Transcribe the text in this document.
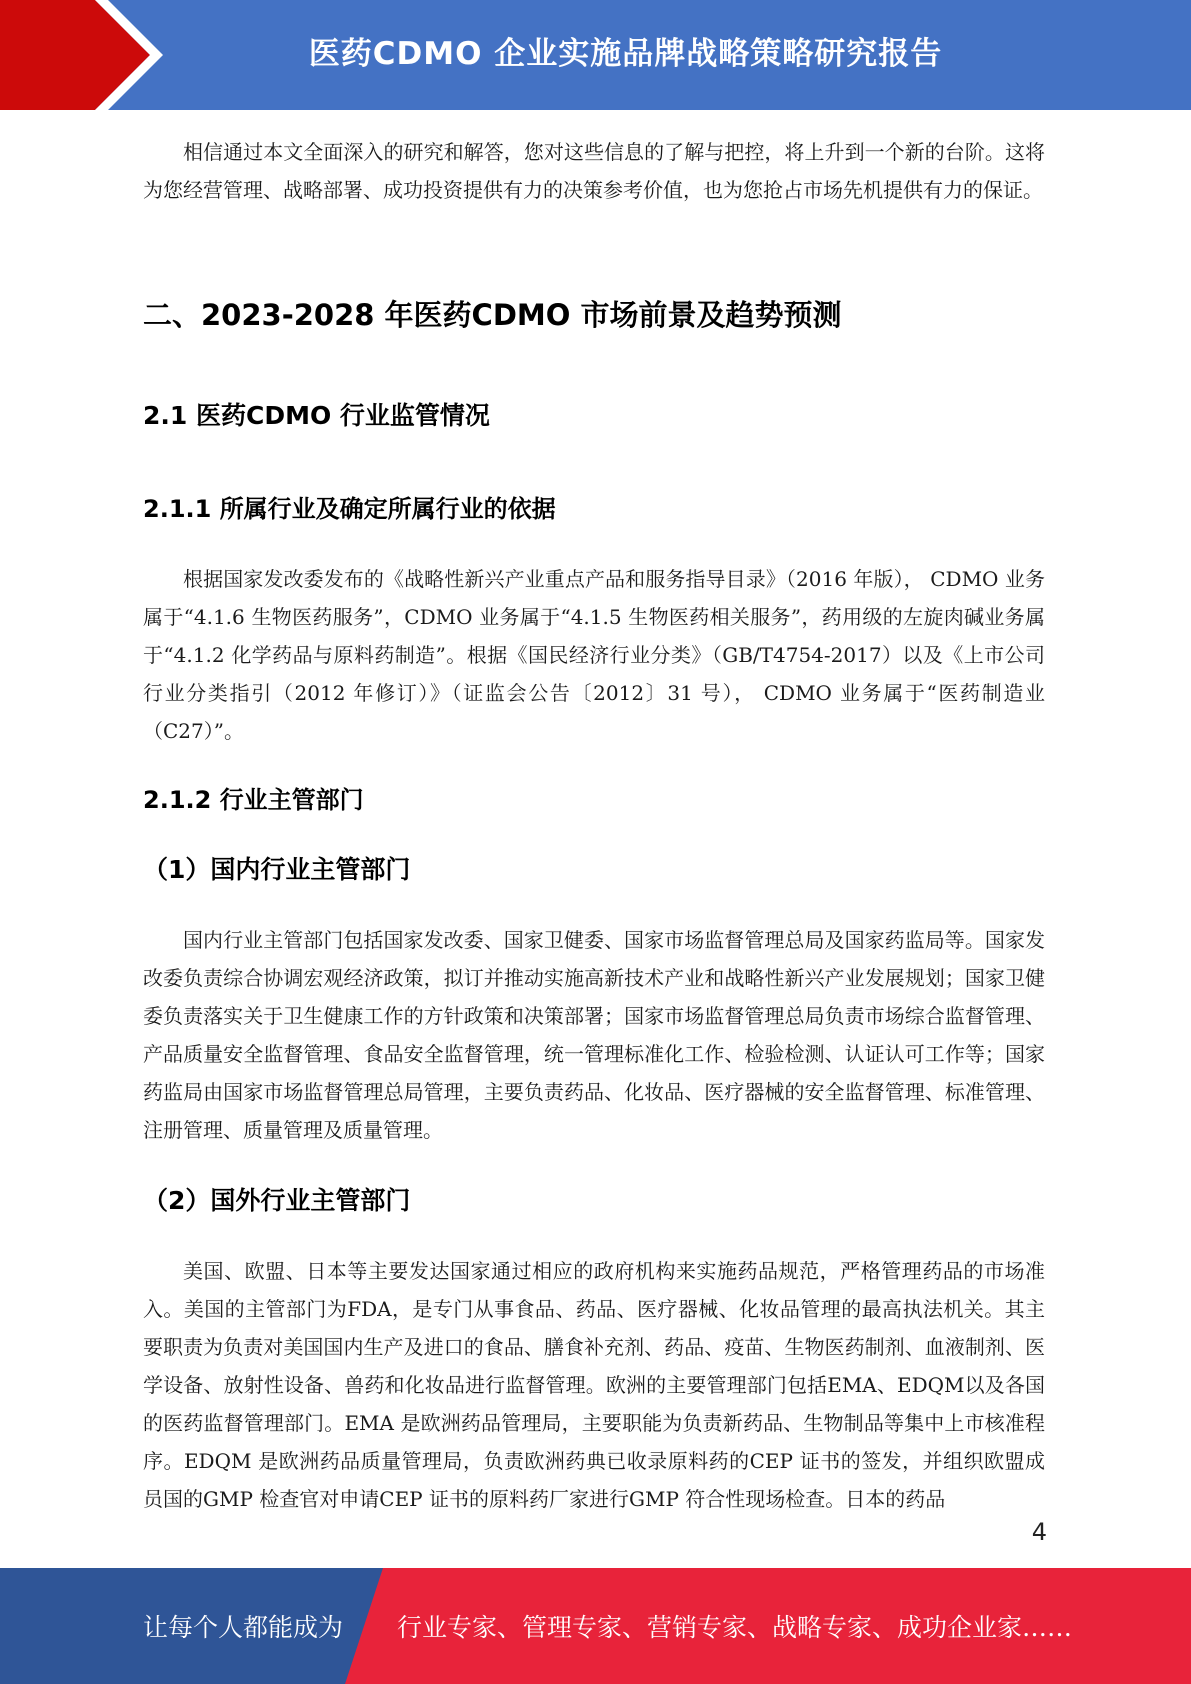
医药CDMO 企业实施品牌战略策略研究报告

相信通过本文全面深入的研究和解答，您对这些信息的了解与把控，将上升到一个新的台阶。这将为您经营管理、战略部署、成功投资提供有力的决策参考价值，也为您抢占市场先机提供有力的保证。

二、2023-2028 年医药CDMO 市场前景及趋势预测
2.1 医药CDMO 行业监管情况
2.1.1 所属行业及确定所属行业的依据

根据国家发改委发布的《战略性新兴产业重点产品和服务指导目录》（2016 年版）， CDMO 业务属于“4.1.6 生物医药服务”，CDMO 业务属于“4.1.5 生物医药相关服务”，药用级的左旋肉碱业务属于“4.1.2 化学药品与原料药制造”。根据《国民经济行业分类》（GB/T4754-2017）以及《上市公司行业分类指引（2012 年修订）》（证监会公告〔2012〕31 号）， CDMO 业务属于“医药制造业（C27）”。

2.1.2 行业主管部门
（1）国内行业主管部门

国内行业主管部门包括国家发改委、国家卫健委、国家市场监督管理总局及国家药监局等。国家发改委负责综合协调宏观经济政策，拟订并推动实施高新技术产业和战略性新兴产业发展规划；国家卫健委负责落实关于卫生健康工作的方针政策和决策部署；国家市场监督管理总局负责市场综合监督管理、产品质量安全监督管理、食品安全监督管理，统一管理标准化工作、检验检测、认证认可工作等；国家药监局由国家市场监督管理总局管理，主要负责药品、化妆品、医疗器械的安全监督管理、标准管理、注册管理、质量管理及质量管理。

（2）国外行业主管部门

美国、欧盟、日本等主要发达国家通过相应的政府机构来实施药品规范，严格管理药品的市场准入。美国的主管部门为FDA，是专门从事食品、药品、医疗器械、化妆品管理的最高执法机关。其主要职责为负责对美国国内生产及进口的食品、膳食补充剂、药品、疫苗、生物医药制剂、血液制剂、医学设备、放射性设备、兽药和化妆品进行监督管理。欧洲的主要管理部门包括EMA、EDQM以及各国的医药监督管理部门。EMA 是欧洲药品管理局，主要职能为负责新药品、生物制品等集中上市核准程序。EDQM 是欧洲药品质量管理局，负责欧洲药典已收录原料药的CEP 证书的签发，并组织欧盟成员国的GMP 检查官对申请CEP 证书的原料药厂家进行GMP 符合性现场检查。日本的药品

4
让每个人都能成为 行业专家、管理专家、营销专家、战略专家、成功企业家……
